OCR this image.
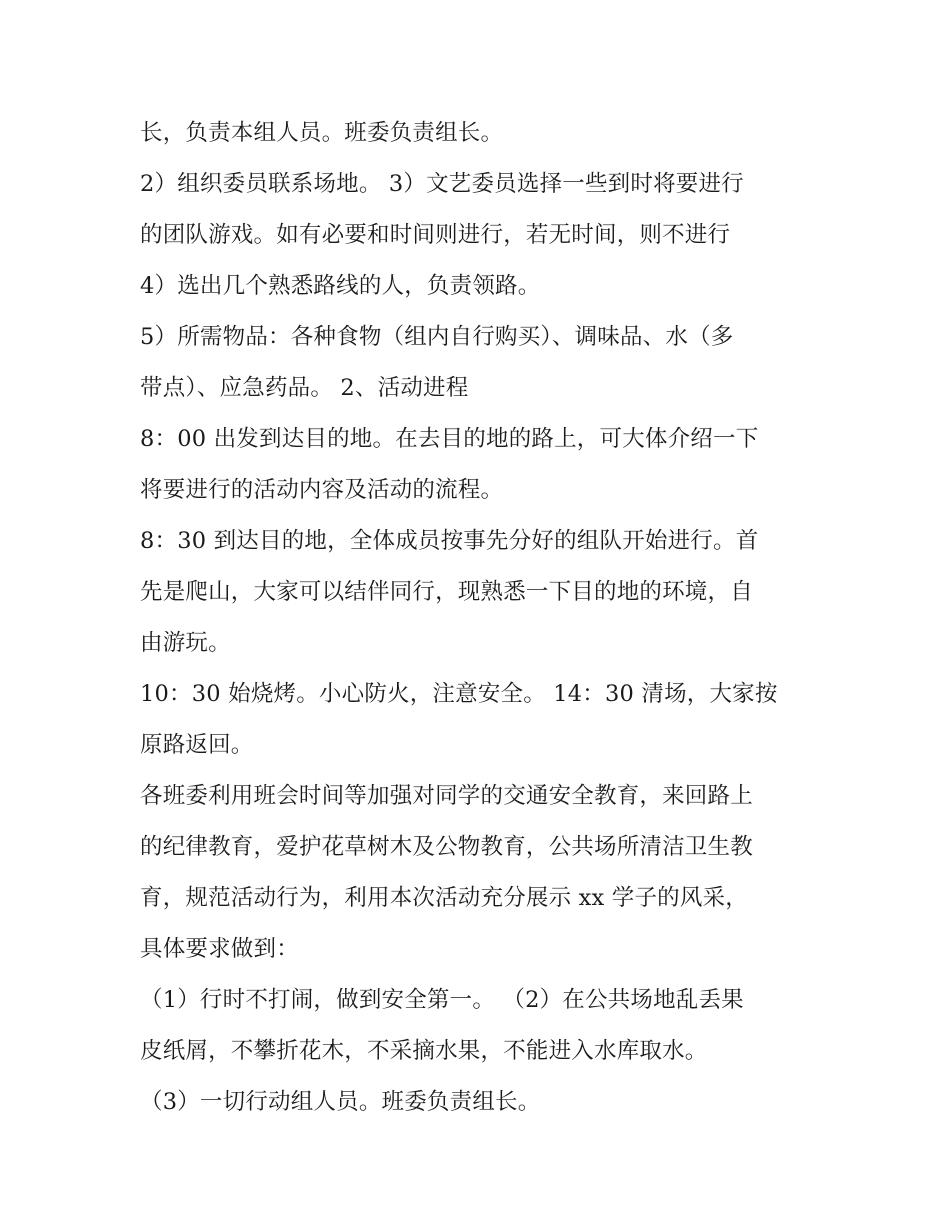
长，负责本组人员。班委负责组长。
2）组织委员联系场地。 3）文艺委员选择一些到时将要进行
的团队游戏。如有必要和时间则进行，若无时间，则不进行
4）选出几个熟悉路线的人，负责领路。
5）所需物品：各种食物（组内自行购买）、调味品、水（多
带点）、应急药品。 2、活动进程
8：00 出发到达目的地。在去目的地的路上，可大体介绍一下
将要进行的活动内容及活动的流程。
8：30 到达目的地，全体成员按事先分好的组队开始进行。首
先是爬山，大家可以结伴同行，现熟悉一下目的地的环境，自
由游玩。
10：30 始烧烤。小心防火，注意安全。 14：30 清场，大家按
原路返回。
各班委利用班会时间等加强对同学的交通安全教育，来回路上
的纪律教育，爱护花草树木及公物教育，公共场所清洁卫生教
育，规范活动行为，利用本次活动充分展示 xx 学子的风采，
具体要求做到：
（1）行时不打闹，做到安全第一。 （2）在公共场地乱丢果
皮纸屑，不攀折花木，不采摘水果，不能进入水库取水。
（3）一切行动组人员。班委负责组长。
